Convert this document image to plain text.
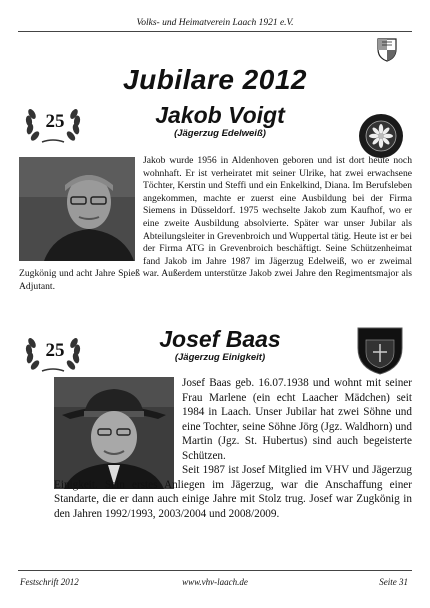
Volks- und Heimatverein Laach 1921 e.V.
Jubilare 2012
25	Jakob Voigt
(Jägerzug Edelweiß)

Jakob wurde 1956 in Aldenhoven geboren und ist dort heute noch wohnhaft. Er ist verheiratet mit seiner Ulrike, hat zwei erwachsene Töchter, Kerstin und Steffi und ein Enkelkind, Diana. Im Berufsleben angekommen, machte er zuerst eine Ausbildung bei der Firma Siemens in Düsseldorf. 1975 wechselte Jakob zum Kaufhof, wo er eine zweite Ausbildung absolvierte. Später war unser Jubilar als Abteilungsleiter in Grevenbroich und Wuppertal tätig. Heute ist er bei der Firma ATG in Grevenbroich beschäftigt. Seine Schützenheimat fand Jakob im Jahre 1987 im Jägerzug Edelweiß, wo er zweimal Zugkönig und acht Jahre Spieß war. Außerdem unterstütze Jakob zwei Jahre den Regimentsmajor als Adjutant.

25	Josef Baas
(Jägerzug Einigkeit)

Josef Baas geb. 16.07.1938 und wohnt mit seiner Frau Marlene (ein echt Laacher Mädchen) seit 1984 in Laach. Unser Jubilar hat zwei Söhne und eine Tochter, seine Söhne Jörg (Jgz. Waldhorn) und Martin (Jgz. St. Hubertus) sind auch begeisterte Schützen.

Seit 1987 ist Josef Mitglied im VHV und Jägerzug Einigkeit. Sein erstes Anliegen im Jägerzug, war die Anschaffung einer Standarte, die er dann auch einige Jahre mit Stolz trug. Josef war Zugkönig in den Jahren 1992/1993, 2003/2004 und 2008/2009.

Festschrift 2012	www.vhv-laach.de	Seite 31
